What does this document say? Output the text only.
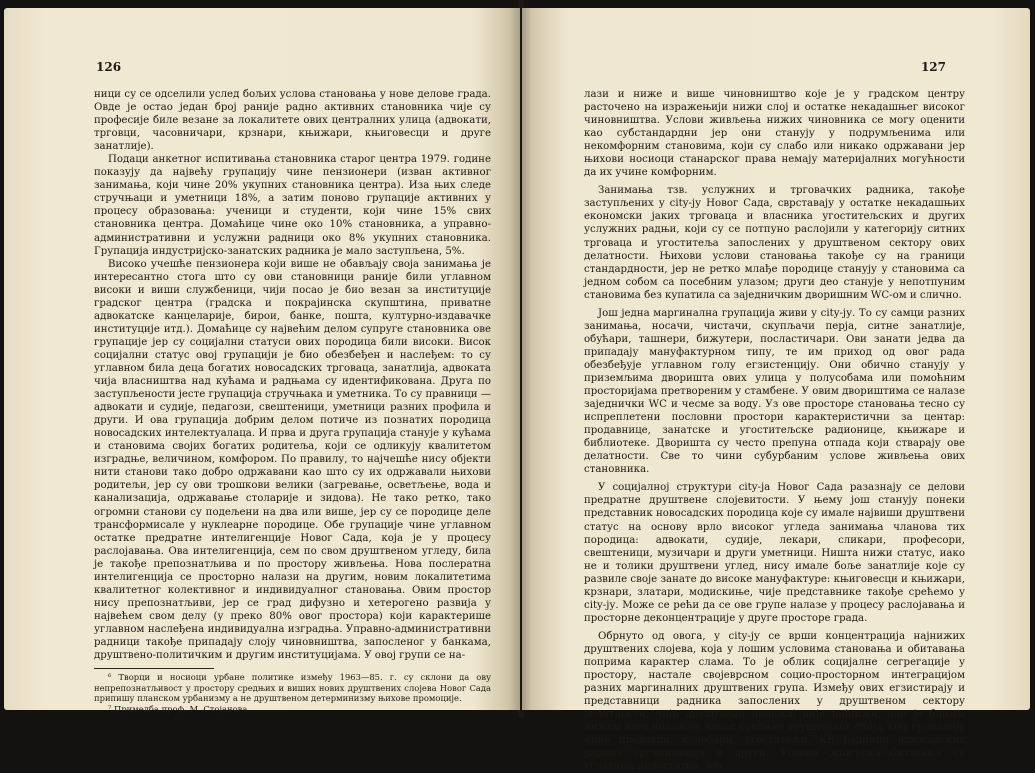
126

ници су се одселили услед бољих услова становања у нове делове града. Овде је остао један број раније радно активних становника чије су професије биле везане за локалитете ових централних улица (адвокати, трговци, часовничари, крзнари, књижари, књиговесци и друге занатлије).

Подаци анкетног испитивања становника старог центра 1979. године показују да највећу групацију чине пензионери (изван активног занимања, који чине 20% укупних становника центра). Иза њих следе стручњаци и уметници 18%, а затим поново групације активних у процесу образовања: ученици и студенти, који чине 15% свих становника центра. Домаћице чине око 10% становника, а управно-административни и услужни радници око 8% укупних становника. Групација индустријско-занатских радника је мало заступљена, 5%.

Високо учешће пензионера који више не обављају своја занимања је интересантно стога што су ови становници раније били углавном високи и виши службеници, чији посао је био везан за институције градског центра (градска и покрајинска скупштина, приватне адвокатске канцеларије, бирои, банке, пошта, културно-издавачке институције итд.). Домаћице су највећим делом супруге становника ове групације јер су социјални статуси ових породица били високи. Висок социјални статус овој групацији је био обезбеђен и наслеђем: то су углавном била деца богатих новосадских трговаца, занатлија, адвоката чија власништва над кућама и радњама су идентификована. Друга по заступљености јесте групација стручњака и уметника. То су правници — адвокати и судије, педагози, свештеници, уметници разних профила и други. И ова групација добрим делом потиче из познатих породица новосадских интелектуалаца. И прва и друга групација станује у кућама и становима својих богатих родитеља, који се одликују квалитетом изградње, величином, комфором. По правилу, то најчешће нису објекти нити станови тако добро одржавани као што су их одржавали њихови родитељи, јер су ови трошкови велики (загревање, осветљење, вода и канализација, одржавање столарије и зидова). Не тако ретко, тако огромни станови су подељени на два или више, јер су се породице деле трансформисале у нуклеарне породице. Обе групације чине углавном остатке предратне интелигенције Новог Сада, која је у процесу раслојавања. Ова интелигенција, сем по свом друштвеном угледу, била је такође препознатљива и по простору живљења. Нова послератна интелигенција се просторно налази на другим, новим локалитетима квалитетног колективног и индивидуалног становања. Овим простор нису препознатљиви, јер се град дифузно и хетерогено развија у највећем свом делу (у преко 80% овог простора) који карактерише углавном наслеђена индивидуална изградња. Управно-административни радници такође припадају слоју чиновништва, запосленог у банкама, друштвено-политичким и другим институцијама. У овој групи се на-

⁶ Творци и носиоци урбане политике између 1963—85. г. су склони да ову непрепознатљивост у простору средњих и виших нових друштвених слојева Новог Сада припишу планском урбанизму а не друштвеном детерминизму њихове промоције.

⁷ Примедба проф. М. Стојанова.

127

лази и ниже и више чиновништво које је у градском центру расточено на изражењији нижи слој и остатке некадашњег високог чиновништва. Услови живљења нижих чиновника се могу оценити као субстандардни јер они станују у подрумљенима или некомфорним становима, који су слабо или никако одржавани јер њихови носиоци станарског права немају материјалних могућности да их учине комфорним.

Занимања тзв. услужних и трговачких радника, такође заступљених у city-ју Новог Сада, сврставају у остатке некадашњих економски јаких трговаца и власника угоститељских и других услужних радњи, који су се потпуно раслојили у категорију ситних трговаца и угоститеља запослених у друштвеном сектору ових делатности. Њихови услови становања такође су на граници стандардности, јер не ретко млађе породице станују у становима са једном собом са посебним улазом; други део станује у непотпуним становима без купатила са заједничким дворишним WC-ом и слично.

Још једна маргинална групација живи у city-ју. То су самци разних занимања, носачи, чистачи, скупљачи перја, ситне занатлије, обућари, ташнери, бижутери, посластичари. Ови занати једва да припадају мануфактурном типу, те им приход од овог рада обезбеђује углавном голу егзистенцију. Они обично станују у приземљима дворишта ових улица у полусобама или помоћним просторијама претвореним у стамбене. У овим двориштима се налазе заједнички WC и чесме за воду. Уз ове просторе становања тесно су испреплетени пословни простори карактеристични за центар: продавнице, занатске и угоститељске радионице, књижаре и библиотеке. Дворишта су често препуна отпада који стварају ове делатности. Све то чини субурбаним услове живљења ових становника.

У социјалној структури city-ја Новог Сада разазнају се делови предратне друштвене слојевитости. У њему још станују понеки представник новосадских породица које су имале највиши друштвени статус на основу врло високог угледа занимања чланова тих породица: адвокати, судије, лекари, сликари, професори, свештеници, музичари и други уметници. Ништа нижи статус, иако не и толики друштвени углед, нису имале боље занатлије које су развиле своје занате до високе мануфактуре: књиговесци и књижари, крзнари, златари, модискиње, чије представнике такође срећемо у city-ју. Може се рећи да се ове групе налазе у процесу раслојавања и просторне деконцентрације у друге просторе града.

Обрнуто од овога, у city-ју се врши концентрација најнижих друштвених слојева, која у лошим условима становања и обитавања поприма карактер слама. То је облик социјалне сегрегације у простору, настале својеврсном социо-просторном интеграцијом разних маргиналних друштвених група. Између ових егзистирају и представници радника запослених у друштвеном сектору делатности, чији друштвени положај није најнижи, али је ближи нижем него положају неког средњег друштвеног слоја. Ову групацију чине продавци, конобари, угоститељи, КВ радници новосадских радних организација и други. Услови живљења-обитавања су углавном недостатни, јер
